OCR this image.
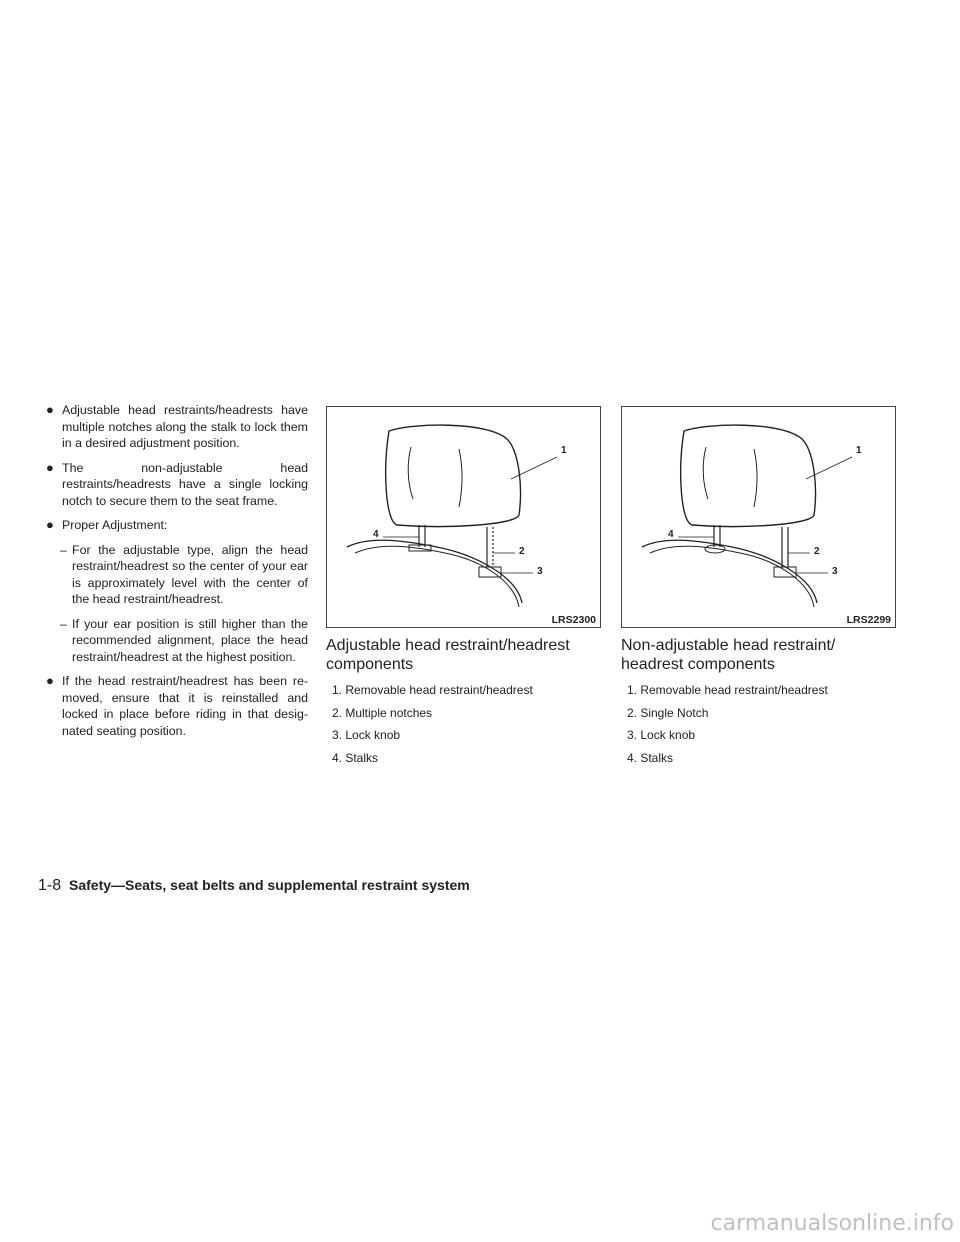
● Adjustable head restraints/headrests have multiple notches along the stalk to lock them in a desired adjustment position.
● The non-adjustable head restraints/headrests have a single locking notch to secure them to the seat frame.
● Proper Adjustment:
– For the adjustable type, align the head restraint/headrest so the center of your ear is approximately level with the center of the head restraint/headrest.
– If your ear position is still higher than the recommended alignment, place the head restraint/headrest at the highest position.
● If the head restraint/headrest has been re- moved, ensure that it is reinstalled and locked in place before riding in that desig- nated seating position.
1
2
3
4
LRS2300
1
2
3
4
LRS2299
Adjustable head restraint/headrest components
1. Removable head restraint/headrest
2. Multiple notches
3. Lock knob
4. Stalks
Non-adjustable head restraint/ headrest components
1. Removable head restraint/headrest
2. Single Notch
3. Lock knob
4. Stalks
1-8 Safety—Seats, seat belts and supplemental restraint system
carmanualsonline.info
